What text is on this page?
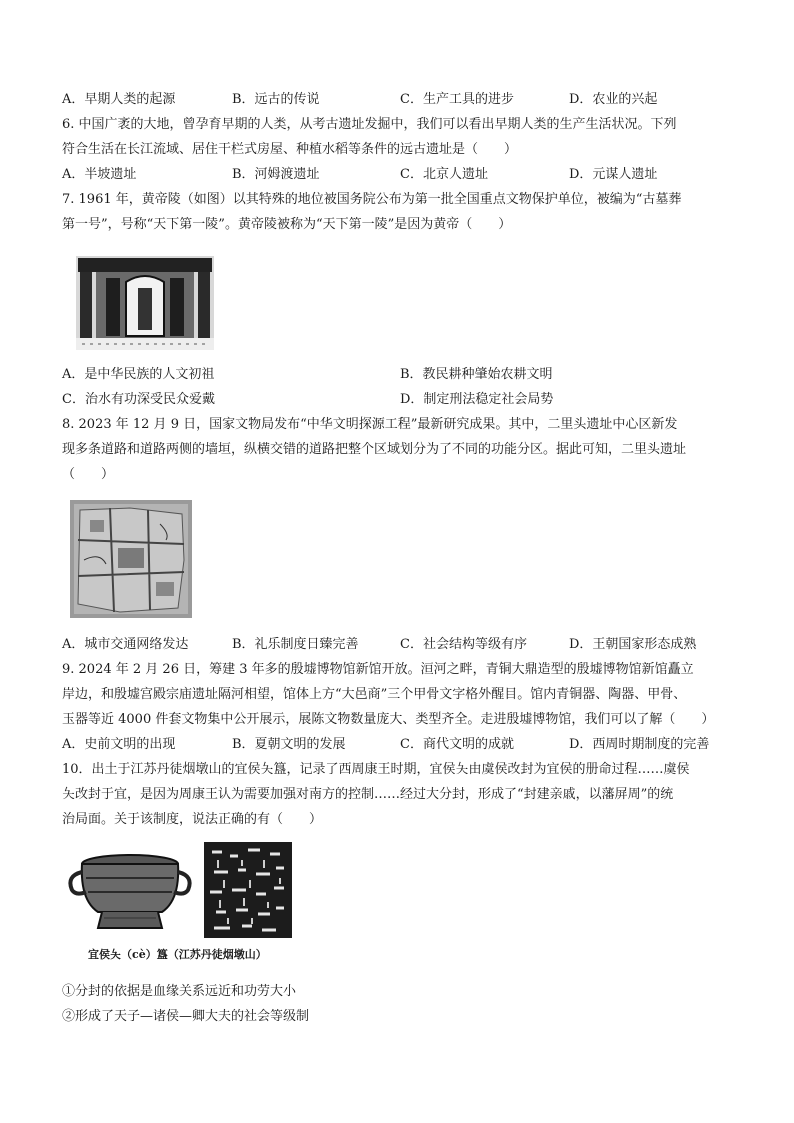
A．早期人类的起源	B．远古的传说	C．生产工具的进步	D．农业的兴起
6. 中国广袤的大地，曾孕育早期的人类，从考古遗址发掘中，我们可以看出早期人类的生产生活状况。下列
符合生活在长江流域、居住干栏式房屋、种植水稻等条件的远古遗址是（　　）
A．半坡遗址	B．河姆渡遗址	C．北京人遗址	D．元谋人遗址
7. 1961 年，黄帝陵（如图）以其特殊的地位被国务院公布为第一批全国重点文物保护单位，被编为“古墓葬
第一号”，号称“天下第一陵”。黄帝陵被称为“天下第一陵”是因为黄帝（　　）
A．是中华民族的人文初祖	B．教民耕种肇始农耕文明
C．治水有功深受民众爱戴	D．制定刑法稳定社会局势
8. 2023 年 12 月 9 日，国家文物局发布“中华文明探源工程”最新研究成果。其中，二里头遗址中心区新发
现多条道路和道路两侧的墙垣，纵横交错的道路把整个区域划分为了不同的功能分区。据此可知，二里头遗址
（　　）
A．城市交通网络发达	B．礼乐制度日臻完善	C．社会结构等级有序	D．王朝国家形态成熟
9. 2024 年 2 月 26 日，筹建 3 年多的殷墟博物馆新馆开放。洹河之畔，青铜大鼎造型的殷墟博物馆新馆矗立
岸边，和殷墟宫殿宗庙遗址隔河相望，馆体上方“大邑商”三个甲骨文字格外醒目。馆内青铜器、陶器、甲骨、
玉器等近 4000 件套文物集中公开展示，展陈文物数量庞大、类型齐全。走进殷墟博物馆，我们可以了解（　　）
A．史前文明的出现	B．夏朝文明的发展	C．商代文明的成就	D．西周时期制度的完善
10．出土于江苏丹徒烟墩山的宜侯夨簋，记录了西周康王时期，宜侯夨由虞侯改封为宜侯的册命过程……虞侯
夨改封于宜，是因为周康王认为需要加强对南方的控制……经过大分封，形成了“封建亲戚，以藩屏周”的统
治局面。关于该制度，说法正确的有（　　）
宜侯夨（cè）簋（江苏丹徒烟墩山）
①分封的依据是血缘关系远近和功劳大小
②形成了天子—诸侯—卿大夫的社会等级制
